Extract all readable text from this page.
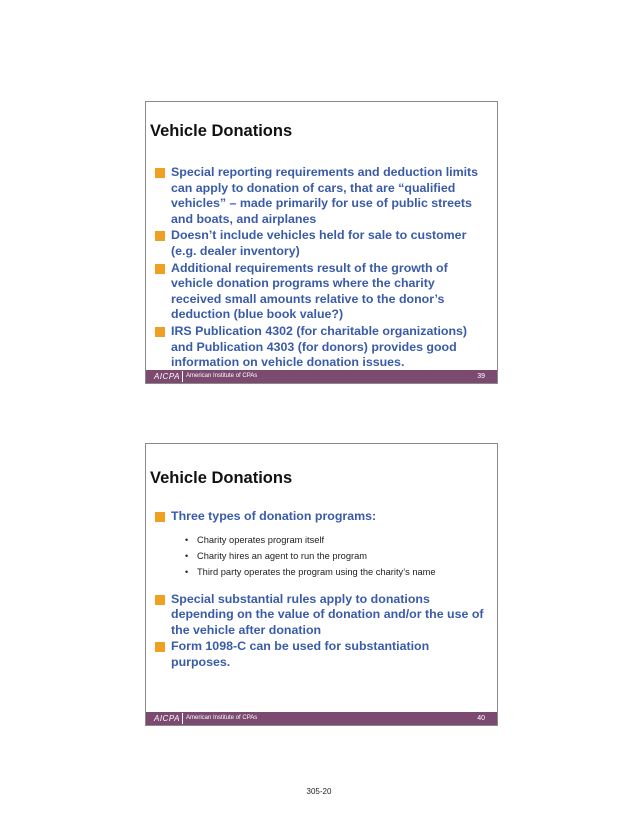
Vehicle Donations
Special reporting requirements and deduction limits can apply to donation of cars, that are “qualified vehicles” – made primarily for use of public streets and boats, and airplanes
Doesn’t include vehicles held for sale to customer (e.g. dealer inventory)
Additional requirements result of the growth of vehicle donation programs where the charity received small amounts relative to the donor’s deduction (blue book value?)
IRS Publication 4302 (for charitable organizations) and Publication 4303 (for donors) provides good information on vehicle donation issues.
AICPA American Institute of CPAs	39
Vehicle Donations
Three types of donation programs:
• Charity operates program itself
• Charity hires an agent to run the program
• Third party operates the program using the charity’s name
Special substantial rules apply to donations depending on the value of donation and/or the use of the vehicle after donation
Form 1098-C can be used for substantiation purposes.
AICPA American Institute of CPAs	40
305-20
